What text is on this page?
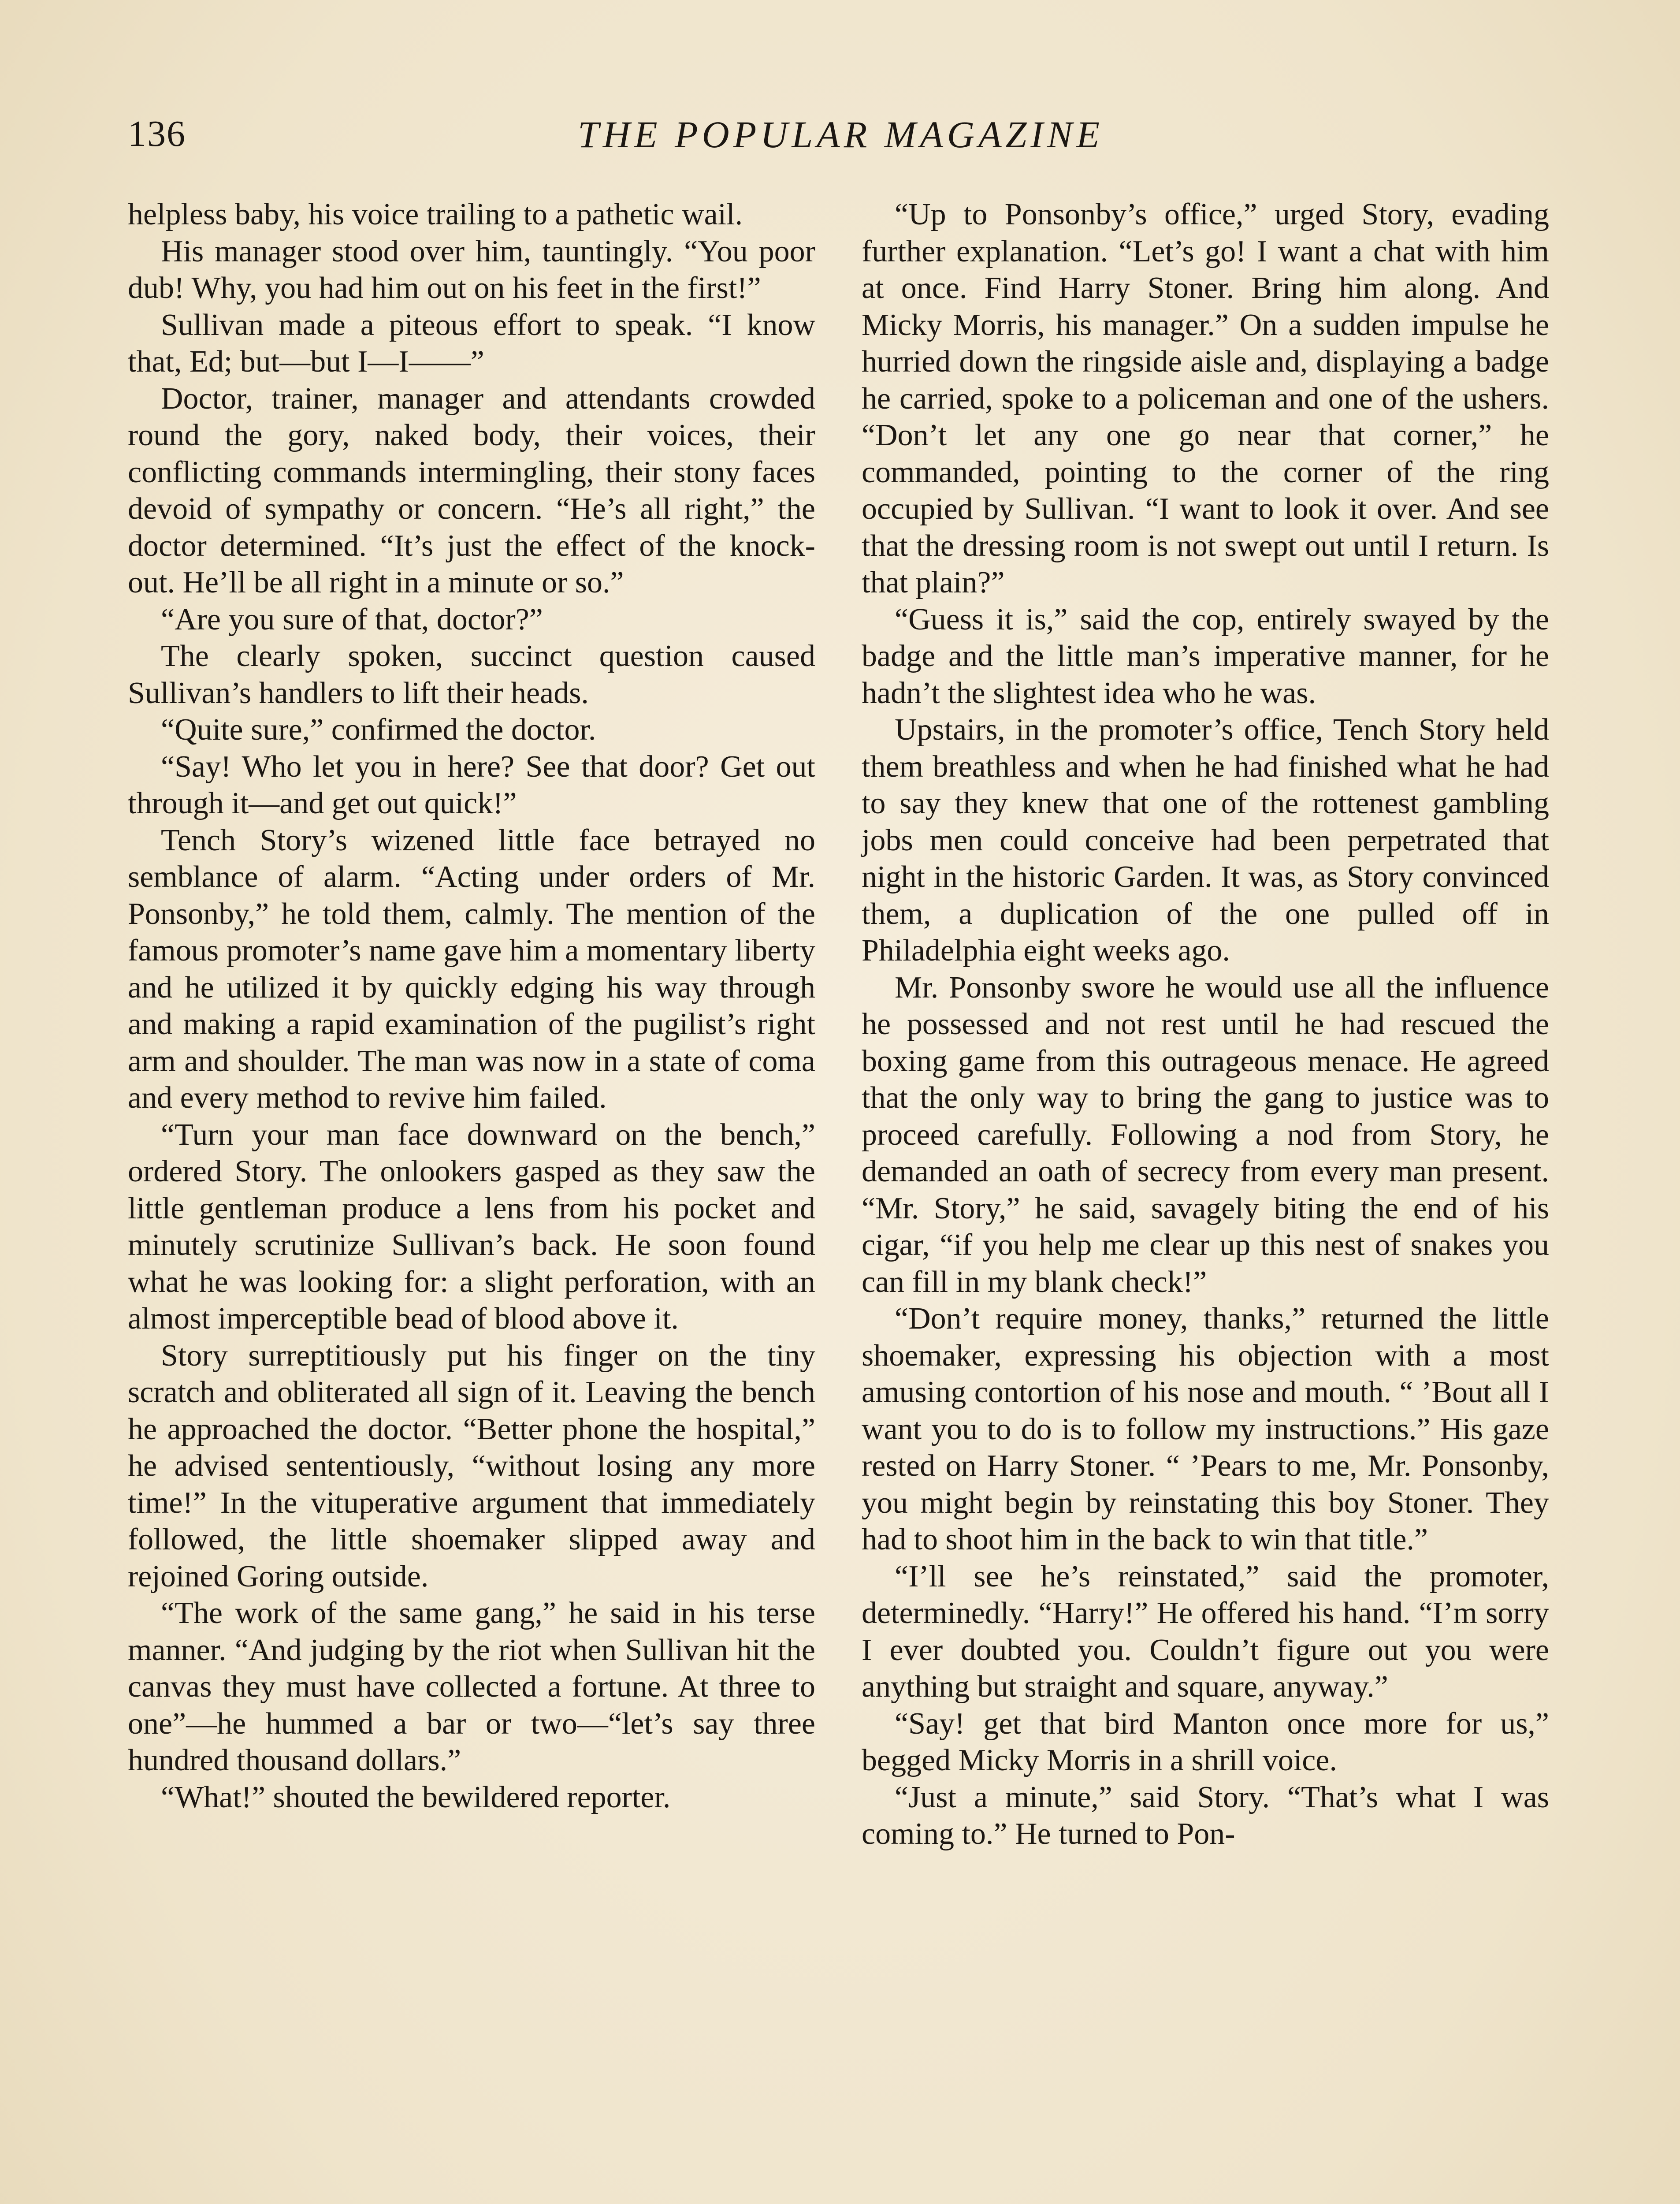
136	THE POPULAR MAGAZINE

helpless baby, his voice trailing to a pathetic wail.

His manager stood over him, tauntingly. “You poor dub! Why, you had him out on his feet in the first!”

Sullivan made a piteous effort to speak. “I know that, Ed; but—but I—I——”

Doctor, trainer, manager and attendants crowded round the gory, naked body, their voices, their conflicting commands intermingling, their stony faces devoid of sympathy or concern. “He’s all right,” the doctor determined. “It’s just the effect of the knock-out. He’ll be all right in a minute or so.”

“Are you sure of that, doctor?”

The clearly spoken, succinct question caused Sullivan’s handlers to lift their heads.

“Quite sure,” confirmed the doctor.

“Say! Who let you in here? See that door? Get out through it—and get out quick!”

Tench Story’s wizened little face betrayed no semblance of alarm. “Acting under orders of Mr. Ponsonby,” he told them, calmly. The mention of the famous promoter’s name gave him a momentary liberty and he utilized it by quickly edging his way through and making a rapid examination of the pugilist’s right arm and shoulder. The man was now in a state of coma and every method to revive him failed.

“Turn your man face downward on the bench,” ordered Story. The onlookers gasped as they saw the little gentleman produce a lens from his pocket and minutely scrutinize Sullivan’s back. He soon found what he was looking for: a slight perforation, with an almost imperceptible bead of blood above it.

Story surreptitiously put his finger on the tiny scratch and obliterated all sign of it. Leaving the bench he approached the doctor. “Better phone the hospital,” he advised sententiously, “without losing any more time!” In the vituperative argument that immediately followed, the little shoemaker slipped away and rejoined Goring outside.

“The work of the same gang,” he said in his terse manner. “And judging by the riot when Sullivan hit the canvas they must have collected a fortune. At three to one”—he hummed a bar or two—“let’s say three hundred thousand dollars.”

“What!” shouted the bewildered reporter.

“Up to Ponsonby’s office,” urged Story, evading further explanation. “Let’s go! I want a chat with him at once. Find Harry Stoner. Bring him along. And Micky Morris, his manager.” On a sudden impulse he hurried down the ringside aisle and, displaying a badge he carried, spoke to a policeman and one of the ushers. “Don’t let any one go near that corner,” he commanded, pointing to the corner of the ring occupied by Sullivan. “I want to look it over. And see that the dressing room is not swept out until I return. Is that plain?”

“Guess it is,” said the cop, entirely swayed by the badge and the little man’s imperative manner, for he hadn’t the slightest idea who he was.

Upstairs, in the promoter’s office, Tench Story held them breathless and when he had finished what he had to say they knew that one of the rottenest gambling jobs men could conceive had been perpetrated that night in the historic Garden. It was, as Story convinced them, a duplication of the one pulled off in Philadelphia eight weeks ago.

Mr. Ponsonby swore he would use all the influence he possessed and not rest until he had rescued the boxing game from this outrageous menace. He agreed that the only way to bring the gang to justice was to proceed carefully. Following a nod from Story, he demanded an oath of secrecy from every man present. “Mr. Story,” he said, savagely biting the end of his cigar, “if you help me clear up this nest of snakes you can fill in my blank check!”

“Don’t require money, thanks,” returned the little shoemaker, expressing his objection with a most amusing contortion of his nose and mouth. “ ’Bout all I want you to do is to follow my instructions.” His gaze rested on Harry Stoner. “ ’Pears to me, Mr. Ponsonby, you might begin by reinstating this boy Stoner. They had to shoot him in the back to win that title.”

“I’ll see he’s reinstated,” said the promoter, determinedly. “Harry!” He offered his hand. “I’m sorry I ever doubted you. Couldn’t figure out you were anything but straight and square, anyway.”

“Say! get that bird Manton once more for us,” begged Micky Morris in a shrill voice.

“Just a minute,” said Story. “That’s what I was coming to.” He turned to Pon-
